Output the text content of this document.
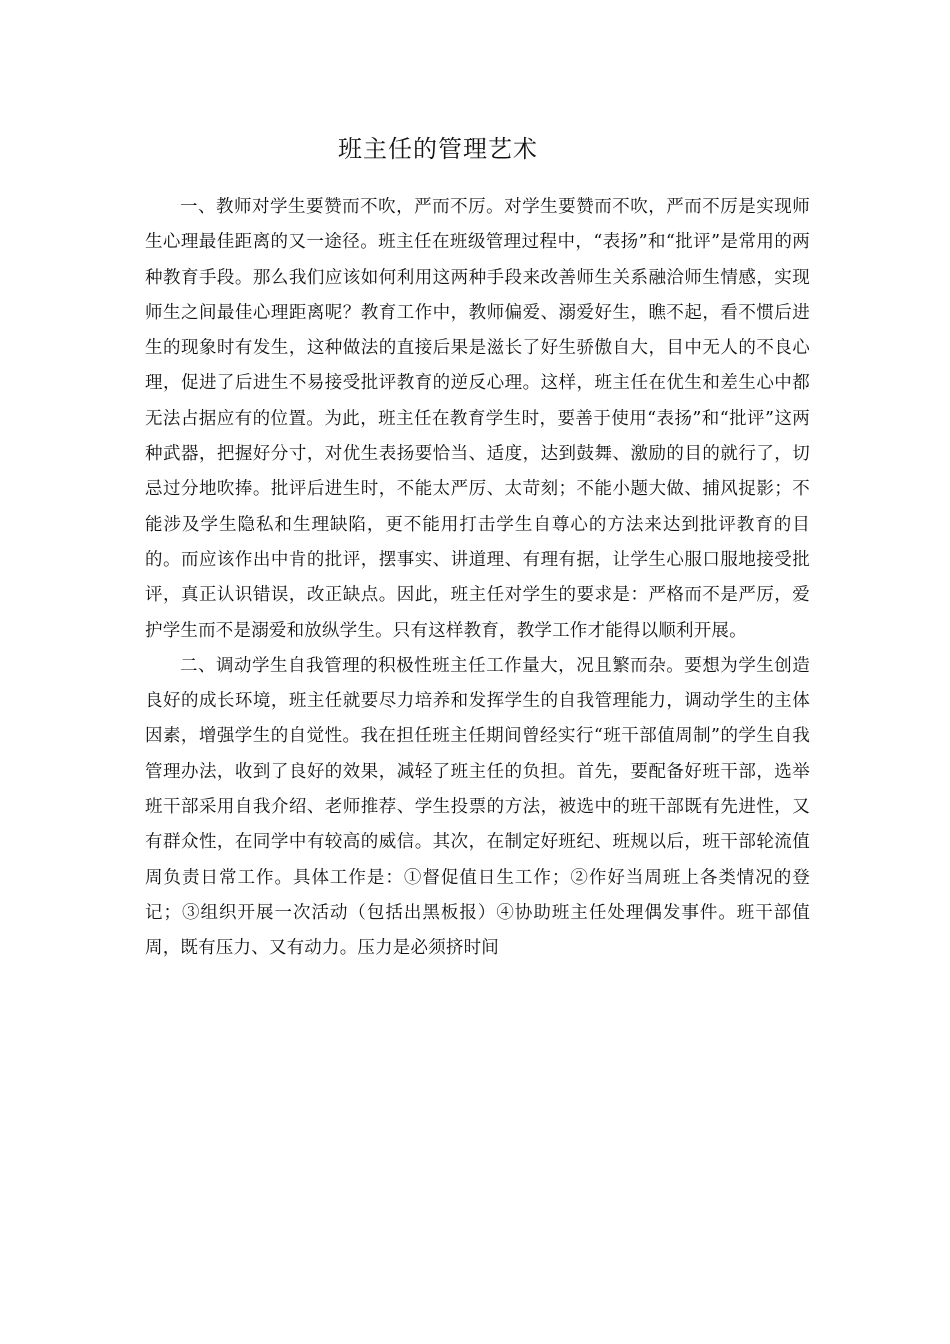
班主任的管理艺术

一、教师对学生要赞而不吹，严而不厉。对学生要赞而不吹，严而不厉是实现师生心理最佳距离的又一途径。班主任在班级管理过程中，“表扬”和“批评”是常用的两种教育手段。那么我们应该如何利用这两种手段来改善师生关系融洽师生情感，实现师生之间最佳心理距离呢？教育工作中，教师偏爱、溺爱好生，瞧不起，看不惯后进生的现象时有发生，这种做法的直接后果是滋长了好生骄傲自大，目中无人的不良心理，促进了后进生不易接受批评教育的逆反心理。这样，班主任在优生和差生心中都无法占据应有的位置。为此，班主任在教育学生时，要善于使用“表扬”和“批评”这两种武器，把握好分寸，对优生表扬要恰当、适度，达到鼓舞、激励的目的就行了，切忌过分地吹捧。批评后进生时，不能太严厉、太苛刻；不能小题大做、捕风捉影；不能涉及学生隐私和生理缺陷，更不能用打击学生自尊心的方法来达到批评教育的目的。而应该作出中肯的批评，摆事实、讲道理、有理有据，让学生心服口服地接受批评，真正认识错误，改正缺点。因此，班主任对学生的要求是：严格而不是严厉，爱护学生而不是溺爱和放纵学生。只有这样教育，教学工作才能得以顺利开展。

二、调动学生自我管理的积极性班主任工作量大，况且繁而杂。要想为学生创造良好的成长环境，班主任就要尽力培养和发挥学生的自我管理能力，调动学生的主体因素，增强学生的自觉性。我在担任班主任期间曾经实行“班干部值周制”的学生自我管理办法，收到了良好的效果，减轻了班主任的负担。首先，要配备好班干部，选举班干部采用自我介绍、老师推荐、学生投票的方法，被选中的班干部既有先进性，又有群众性，在同学中有较高的威信。其次，在制定好班纪、班规以后，班干部轮流值周负责日常工作。具体工作是：①督促值日生工作；②作好当周班上各类情况的登记；③组织开展一次活动（包括出黑板报）④协助班主任处理偶发事件。班干部值周，既有压力、又有动力。压力是必须挤时间
